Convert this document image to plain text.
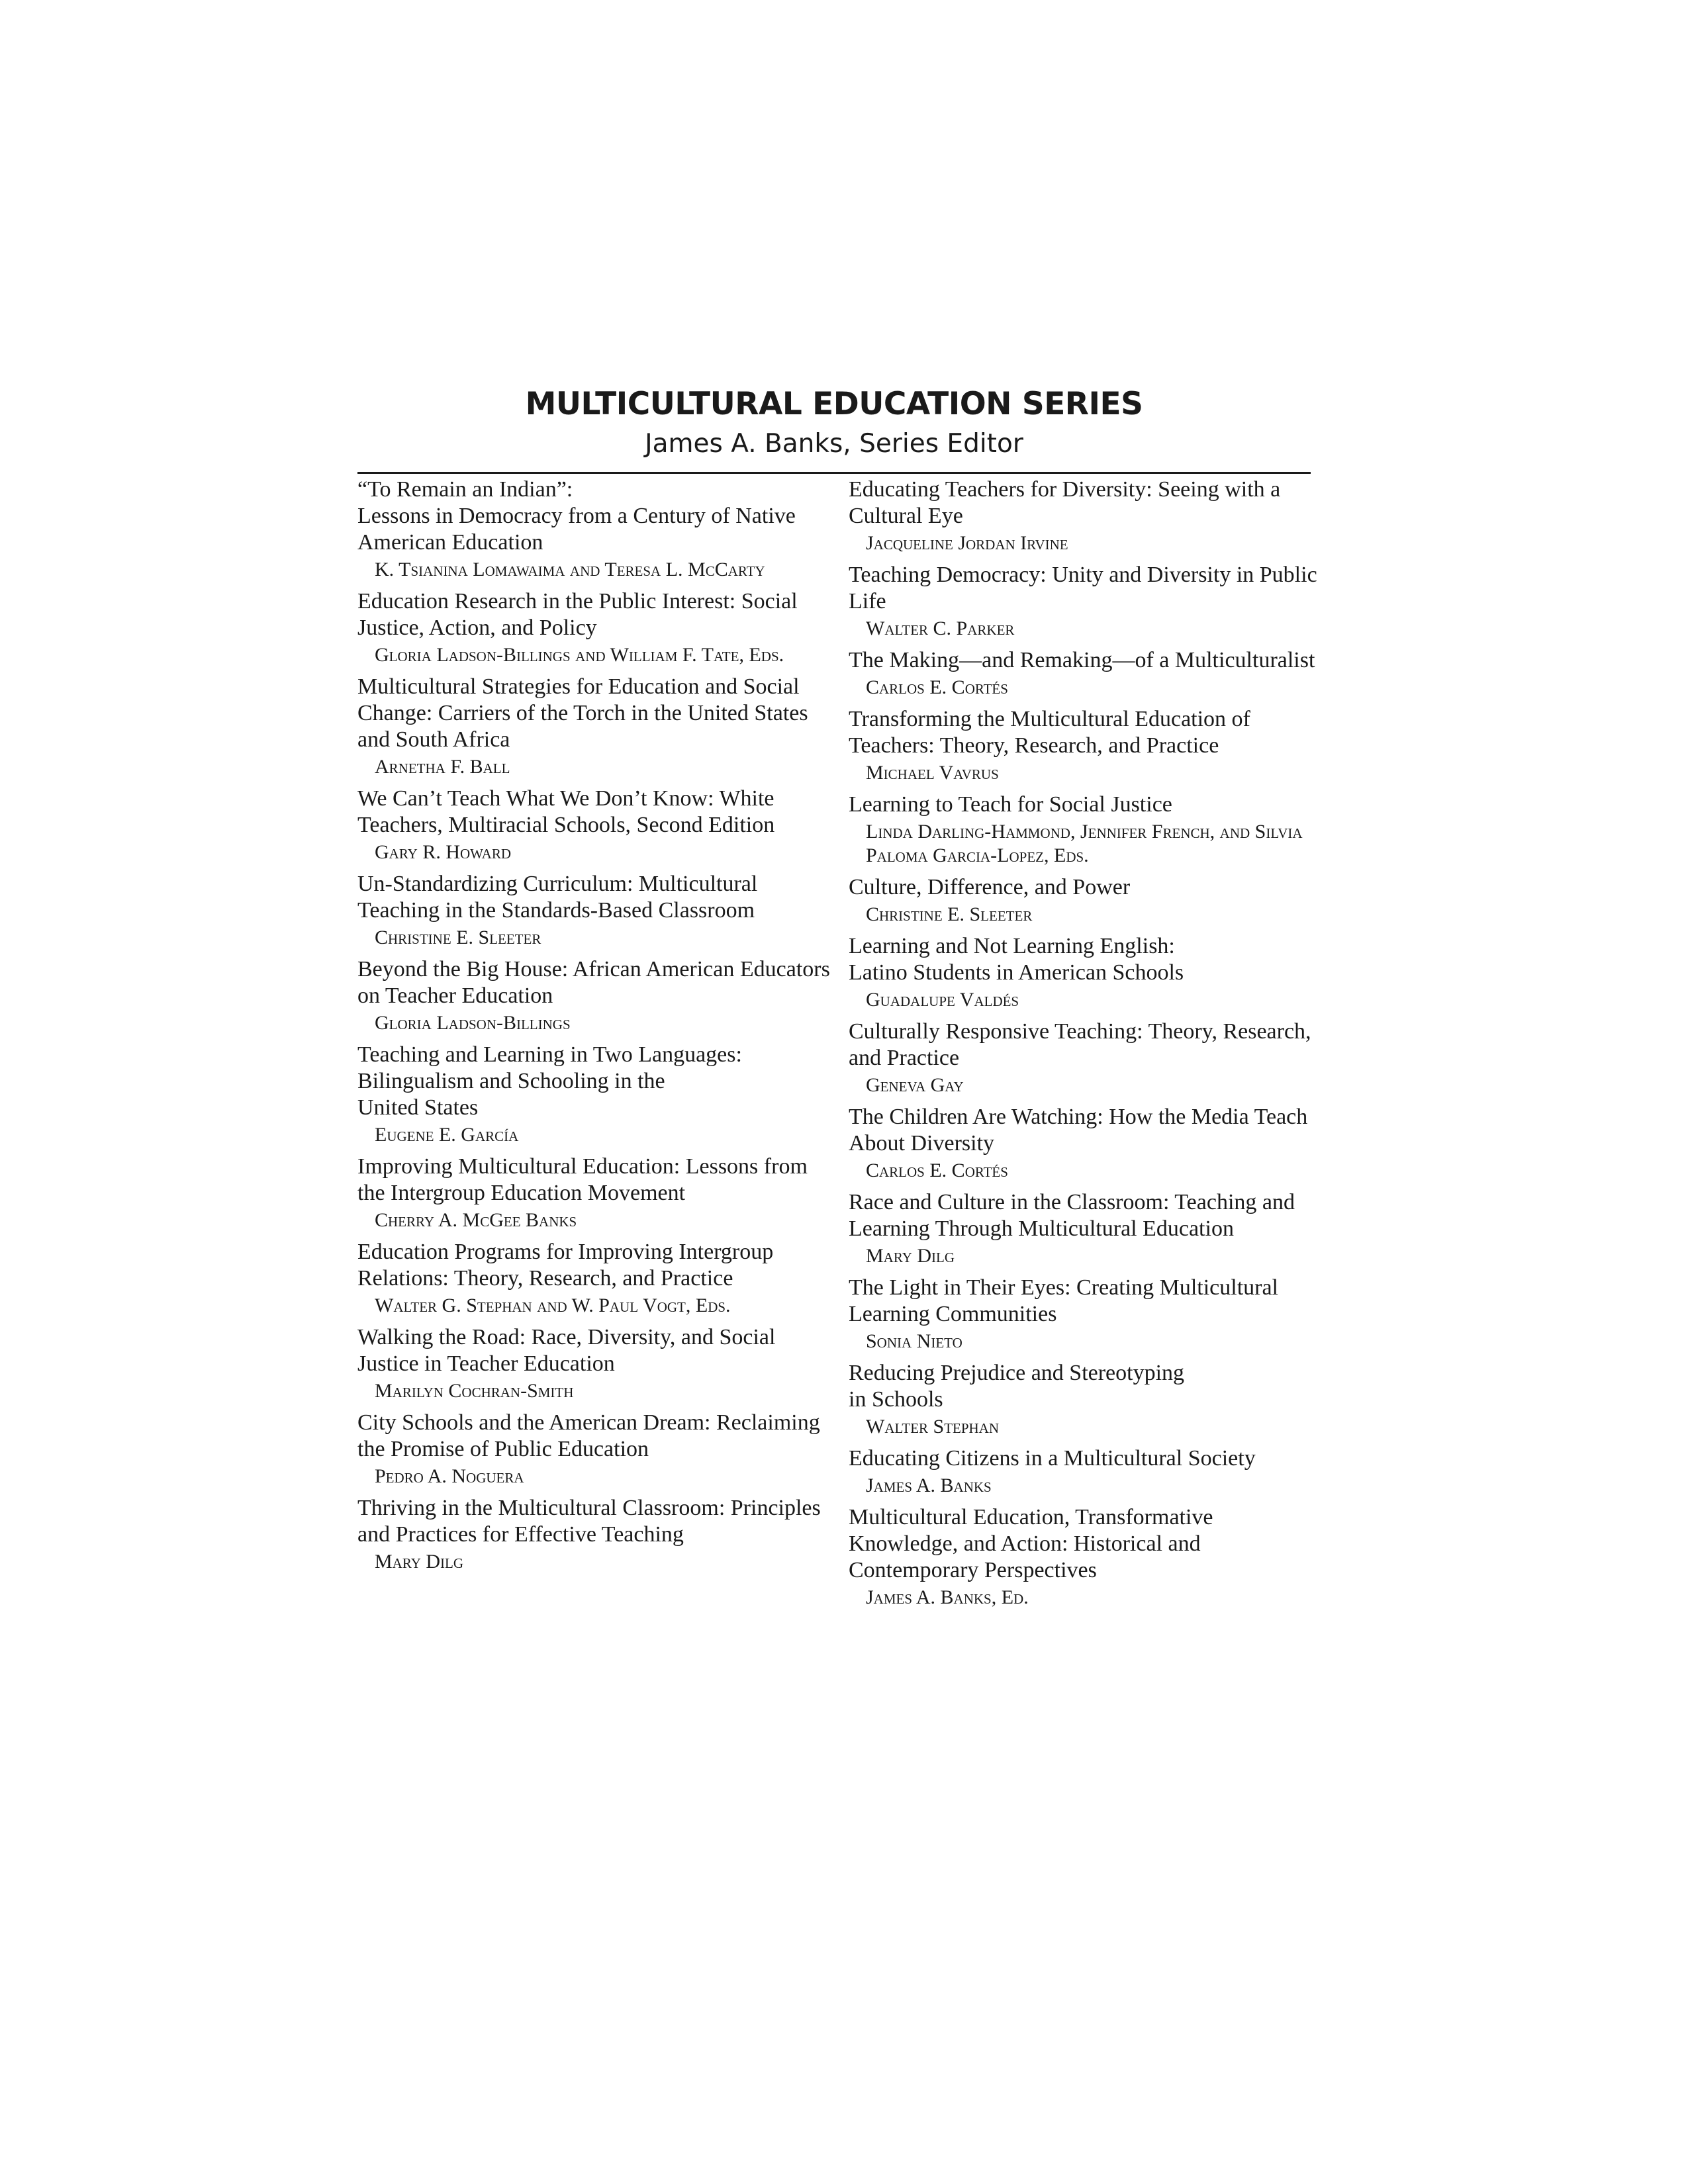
MULTICULTURAL EDUCATION SERIES

James A. Banks, Series Editor

“To Remain an Indian”:
Lessons in Democracy from a Century of Native American Education
K. Tsianina Lomawaima and Teresa L. McCarty
Education Research in the Public Interest: Social Justice, Action, and Policy
Gloria Ladson-Billings and William F. Tate, Eds.
Multicultural Strategies for Education and Social Change: Carriers of the Torch in the United States and South Africa
Arnetha F. Ball
We Can’t Teach What We Don’t Know: White Teachers, Multiracial Schools, Second Edition
Gary R. Howard
Un-Standardizing Curriculum: Multicultural Teaching in the Standards-Based Classroom
Christine E. Sleeter
Beyond the Big House: African American Educators on Teacher Education
Gloria Ladson-Billings
Teaching and Learning in Two Languages: Bilingualism and Schooling in the
United States
Eugene E. García
Improving Multicultural Education: Lessons from the Intergroup Education Movement
Cherry A. McGee Banks
Education Programs for Improving Intergroup Relations: Theory, Research, and Practice
Walter G. Stephan and W. Paul Vogt, Eds.
Walking the Road: Race, Diversity, and Social Justice in Teacher Education
Marilyn Cochran-Smith
City Schools and the American Dream: Reclaiming the Promise of Public Education
Pedro A. Noguera
Thriving in the Multicultural Classroom: Principles and Practices for Effective Teaching
Mary Dilg
Educating Teachers for Diversity: Seeing with a Cultural Eye
Jacqueline Jordan Irvine
Teaching Democracy: Unity and Diversity in Public Life
Walter C. Parker
The Making—and Remaking—of a Multiculturalist
Carlos E. Cortés
Transforming the Multicultural Education of Teachers: Theory, Research, and Practice
Michael Vavrus
Learning to Teach for Social Justice
Linda Darling-Hammond, Jennifer French, and Silvia Paloma Garcia-Lopez, Eds.
Culture, Difference, and Power
Christine E. Sleeter
Learning and Not Learning English:
Latino Students in American Schools
Guadalupe Valdés
Culturally Responsive Teaching: Theory, Research, and Practice
Geneva Gay
The Children Are Watching: How the Media Teach About Diversity
Carlos E. Cortés
Race and Culture in the Classroom: Teaching and Learning Through Multicultural Education
Mary Dilg
The Light in Their Eyes: Creating Multicultural Learning Communities
Sonia Nieto
Reducing Prejudice and Stereotyping
in Schools
Walter Stephan
Educating Citizens in a Multicultural Society
James A. Banks
Multicultural Education, Transformative Knowledge, and Action: Historical and Contemporary Perspectives
James A. Banks, Ed.
